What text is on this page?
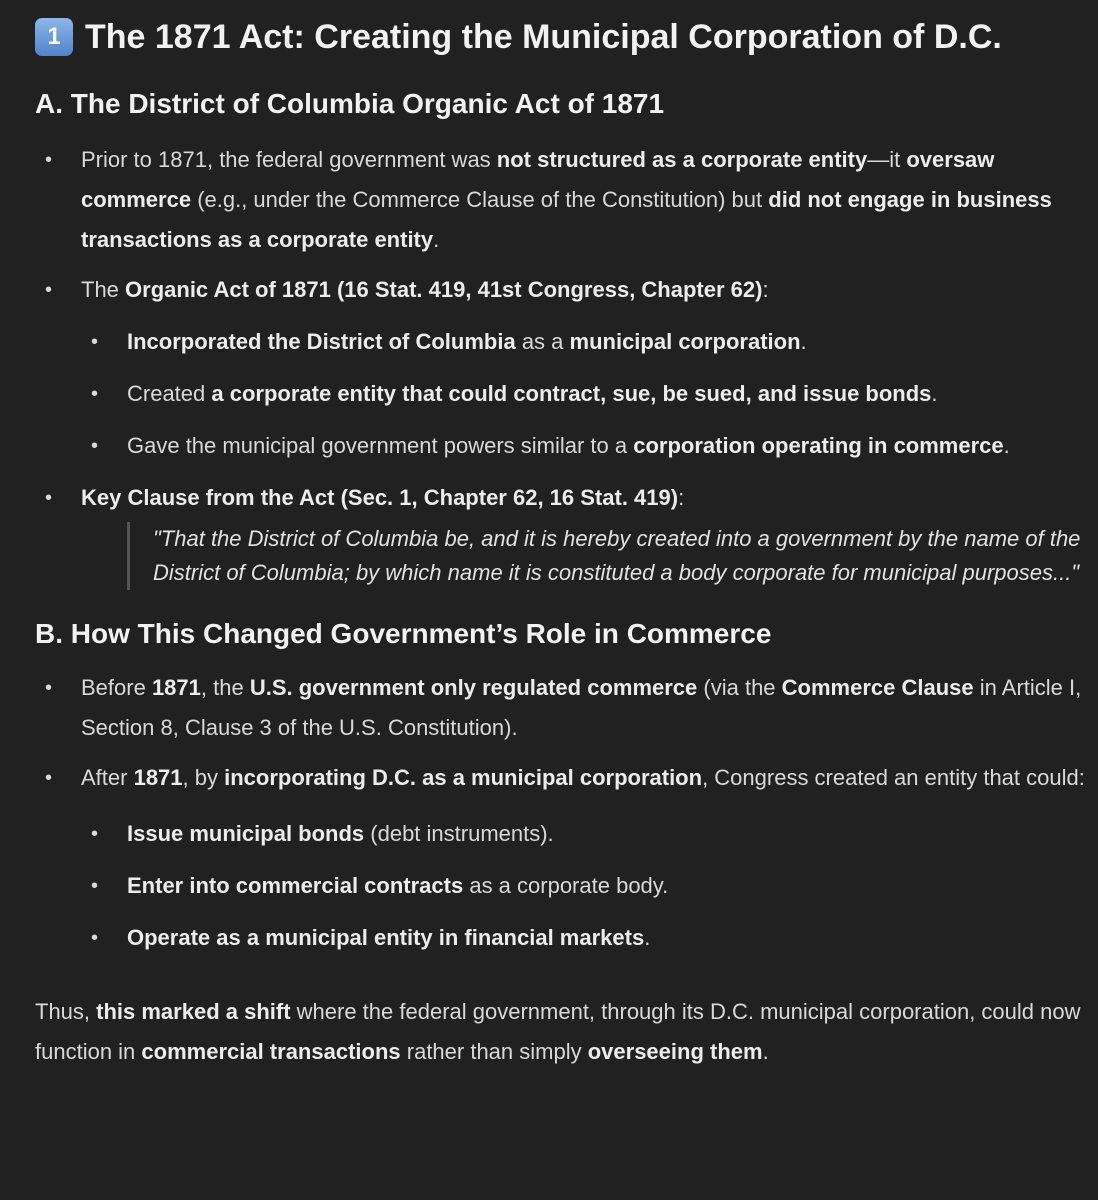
1 The 1871 Act: Creating the Municipal Corporation of D.C.
A. The District of Columbia Organic Act of 1871
• Prior to 1871, the federal government was not structured as a corporate entity—it oversaw commerce (e.g., under the Commerce Clause of the Constitution) but did not engage in business transactions as a corporate entity.
• The Organic Act of 1871 (16 Stat. 419, 41st Congress, Chapter 62):
• Incorporated the District of Columbia as a municipal corporation.
• Created a corporate entity that could contract, sue, be sued, and issue bonds.
• Gave the municipal government powers similar to a corporation operating in commerce.
• Key Clause from the Act (Sec. 1, Chapter 62, 16 Stat. 419):
"That the District of Columbia be, and it is hereby created into a government by the name of the District of Columbia; by which name it is constituted a body corporate for municipal purposes..."
B. How This Changed Government’s Role in Commerce
• Before 1871, the U.S. government only regulated commerce (via the Commerce Clause in Article I, Section 8, Clause 3 of the U.S. Constitution).
• After 1871, by incorporating D.C. as a municipal corporation, Congress created an entity that could:
• Issue municipal bonds (debt instruments).
• Enter into commercial contracts as a corporate body.
• Operate as a municipal entity in financial markets.

Thus, this marked a shift where the federal government, through its D.C. municipal corporation, could now function in commercial transactions rather than simply overseeing them.
